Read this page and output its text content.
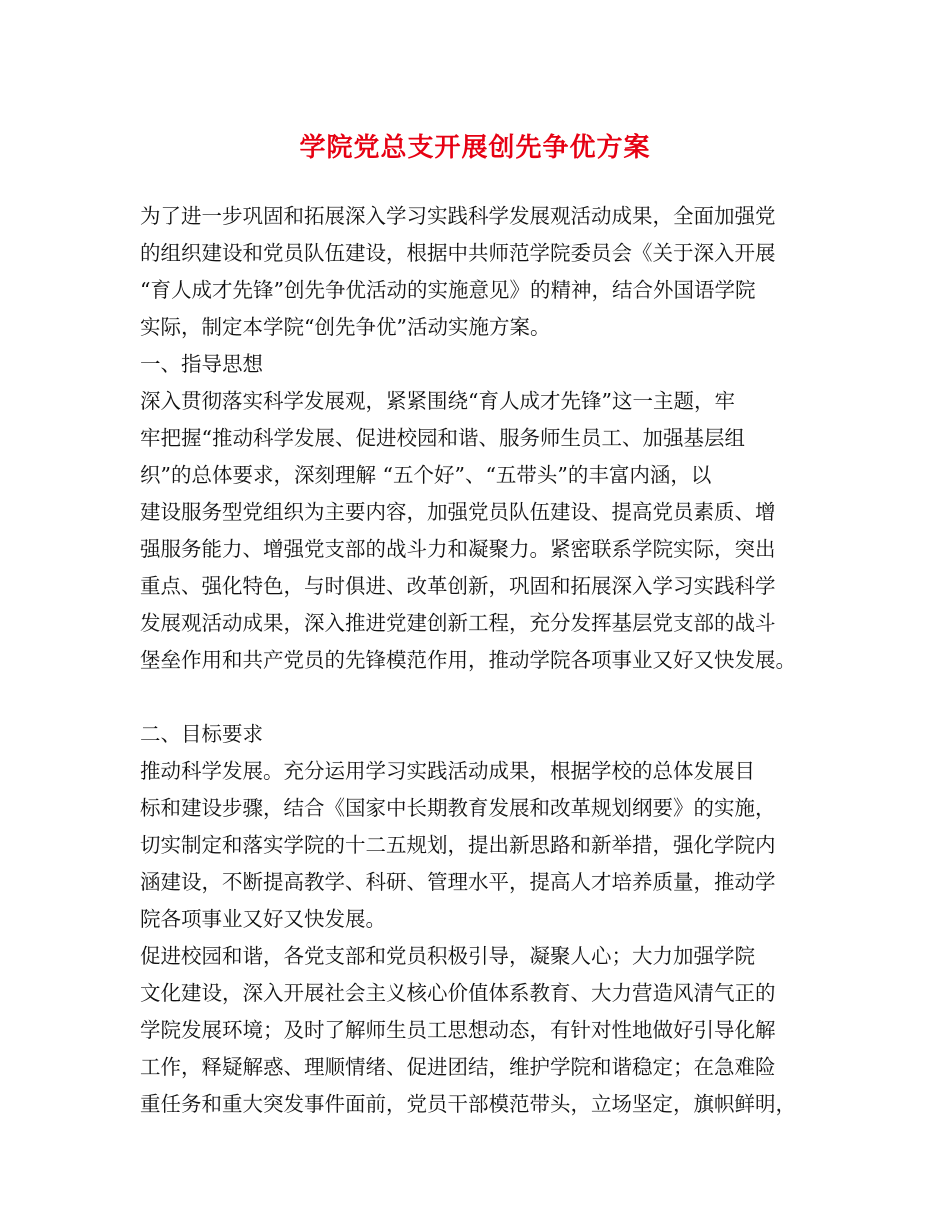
学院党总支开展创先争优方案
为了进一步巩固和拓展深入学习实践科学发展观活动成果，全面加强党
的组织建设和党员队伍建设，根据中共师范学院委员会《关于深入开展
“育人成才先锋”创先争优活动的实施意见》的精神，结合外国语学院
实际，制定本学院“创先争优”活动实施方案。
一、指导思想
深入贯彻落实科学发展观，紧紧围绕“育人成才先锋”这一主题，牢
牢把握“推动科学发展、促进校园和谐、服务师生员工、加强基层组
织”的总体要求，深刻理解 “五个好”、“五带头”的丰富内涵，以
建设服务型党组织为主要内容，加强党员队伍建设、提高党员素质、增
强服务能力、增强党支部的战斗力和凝聚力。紧密联系学院实际，突出
重点、强化特色，与时俱进、改革创新，巩固和拓展深入学习实践科学
发展观活动成果，深入推进党建创新工程，充分发挥基层党支部的战斗
堡垒作用和共产党员的先锋模范作用，推动学院各项事业又好又快发展。
二、目标要求
推动科学发展。充分运用学习实践活动成果，根据学校的总体发展目
标和建设步骤，结合《国家中长期教育发展和改革规划纲要》的实施，
切实制定和落实学院的十二五规划，提出新思路和新举措，强化学院内
涵建设，不断提高教学、科研、管理水平，提高人才培养质量，推动学
院各项事业又好又快发展。
促进校园和谐，各党支部和党员积极引导，凝聚人心；大力加强学院
文化建设，深入开展社会主义核心价值体系教育、大力营造风清气正的
学院发展环境；及时了解师生员工思想动态，有针对性地做好引导化解
工作，释疑解惑、理顺情绪、促进团结，维护学院和谐稳定；在急难险
重任务和重大突发事件面前，党员干部模范带头，立场坚定，旗帜鲜明，
